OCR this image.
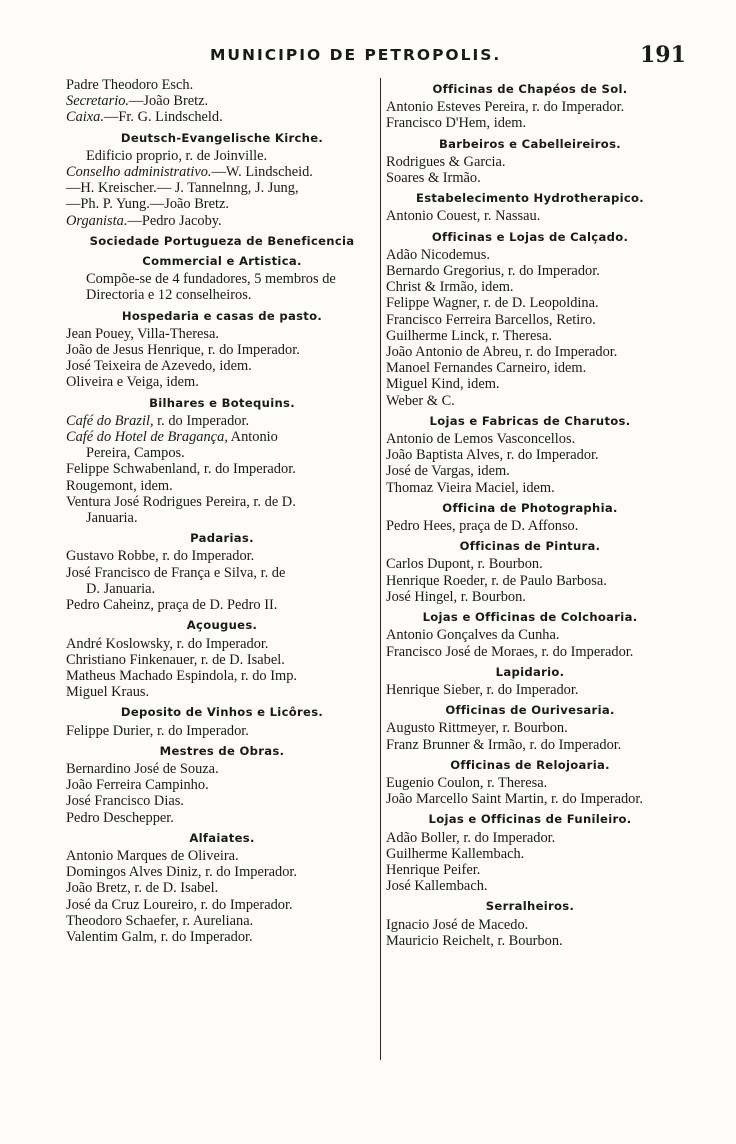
MUNICIPIO DE PETROPOLIS.	191
Padre Theodoro Esch.
Secretario.—João Bretz.
Caixa.—Fr. G. Lindscheld.
Deutsch-Evangelische Kirche.
Edificio proprio, r. de Joinville.
Conselho administrativo.—W. Lindscheid.
—H. Kreischer.— J. Tannelnng, J. Jung,
—Ph. P. Yung.—João Bretz.
Organista.—Pedro Jacoby.
Sociedade Portugueza de Beneficencia
Commercial e Artistica.
Compõe-se de 4 fundadores, 5 membros de
Directoria e 12 conselheiros.
Hospedaria e casas de pasto.
Jean Pouey, Villa-Theresa.
João de Jesus Henrique, r. do Imperador.
José Teixeira de Azevedo, idem.
Oliveira e Veiga, idem.
Bilhares e Botequins.
Café do Brazil, r. do Imperador.
Café do Hotel de Bragança, Antonio
Pereira, Campos.
Felippe Schwabenland, r. do Imperador.
Rougemont, idem.
Ventura José Rodrigues Pereira, r. de D.
Januaria.
Padarias.
Gustavo Robbe, r. do Imperador.
José Francisco de França e Silva, r. de
D. Januaria.
Pedro Caheinz, praça de D. Pedro II.
Açougues.
André Koslowsky, r. do Imperador.
Christiano Finkenauer, r. de D. Isabel.
Matheus Machado Espindola, r. do Imp.
Miguel Kraus.
Deposito de Vinhos e Licôres.
Felippe Durier, r. do Imperador.
Mestres de Obras.
Bernardino José de Souza.
João Ferreira Campinho.
José Francisco Dias.
Pedro Deschepper.
Alfaiates.
Antonio Marques de Oliveira.
Domingos Alves Diniz, r. do Imperador.
João Bretz, r. de D. Isabel.
José da Cruz Loureiro, r. do Imperador.
Theodoro Schaefer, r. Aureliana.
Valentim Galm, r. do Imperador.
Officinas de Chapéos de Sol.
Antonio Esteves Pereira, r. do Imperador.
Francisco D'Hem, idem.
Barbeiros e Cabelleireiros.
Rodrigues & Garcia.
Soares & Irmão.
Estabelecimento Hydrotherapico.
Antonio Couest, r. Nassau.
Officinas e Lojas de Calçado.
Adão Nicodemus.
Bernardo Gregorius, r. do Imperador.
Christ & Irmão, idem.
Felippe Wagner, r. de D. Leopoldina.
Francisco Ferreira Barcellos, Retiro.
Guilherme Linck, r. Theresa.
João Antonio de Abreu, r. do Imperador.
Manoel Fernandes Carneiro, idem.
Miguel Kind, idem.
Weber & C.
Lojas e Fabricas de Charutos.
Antonio de Lemos Vasconcellos.
João Baptista Alves, r. do Imperador.
José de Vargas, idem.
Thomaz Vieira Maciel, idem.
Officina de Photographia.
Pedro Hees, praça de D. Affonso.
Officinas de Pintura.
Carlos Dupont, r. Bourbon.
Henrique Roeder, r. de Paulo Barbosa.
José Hingel, r. Bourbon.
Lojas e Officinas de Colchoaria.
Antonio Gonçalves da Cunha.
Francisco José de Moraes, r. do Imperador.
Lapidario.
Henrique Sieber, r. do Imperador.
Officinas de Ourivesaria.
Augusto Rittmeyer, r. Bourbon.
Franz Brunner & Irmão, r. do Imperador.
Officinas de Relojoaria.
Eugenio Coulon, r. Theresa.
João Marcello Saint Martin, r. do Imperador.
Lojas e Officinas de Funileiro.
Adão Boller, r. do Imperador.
Guilherme Kallembach.
Henrique Peifer.
José Kallembach.
Serralheiros.
Ignacio José de Macedo.
Mauricio Reichelt, r. Bourbon.
